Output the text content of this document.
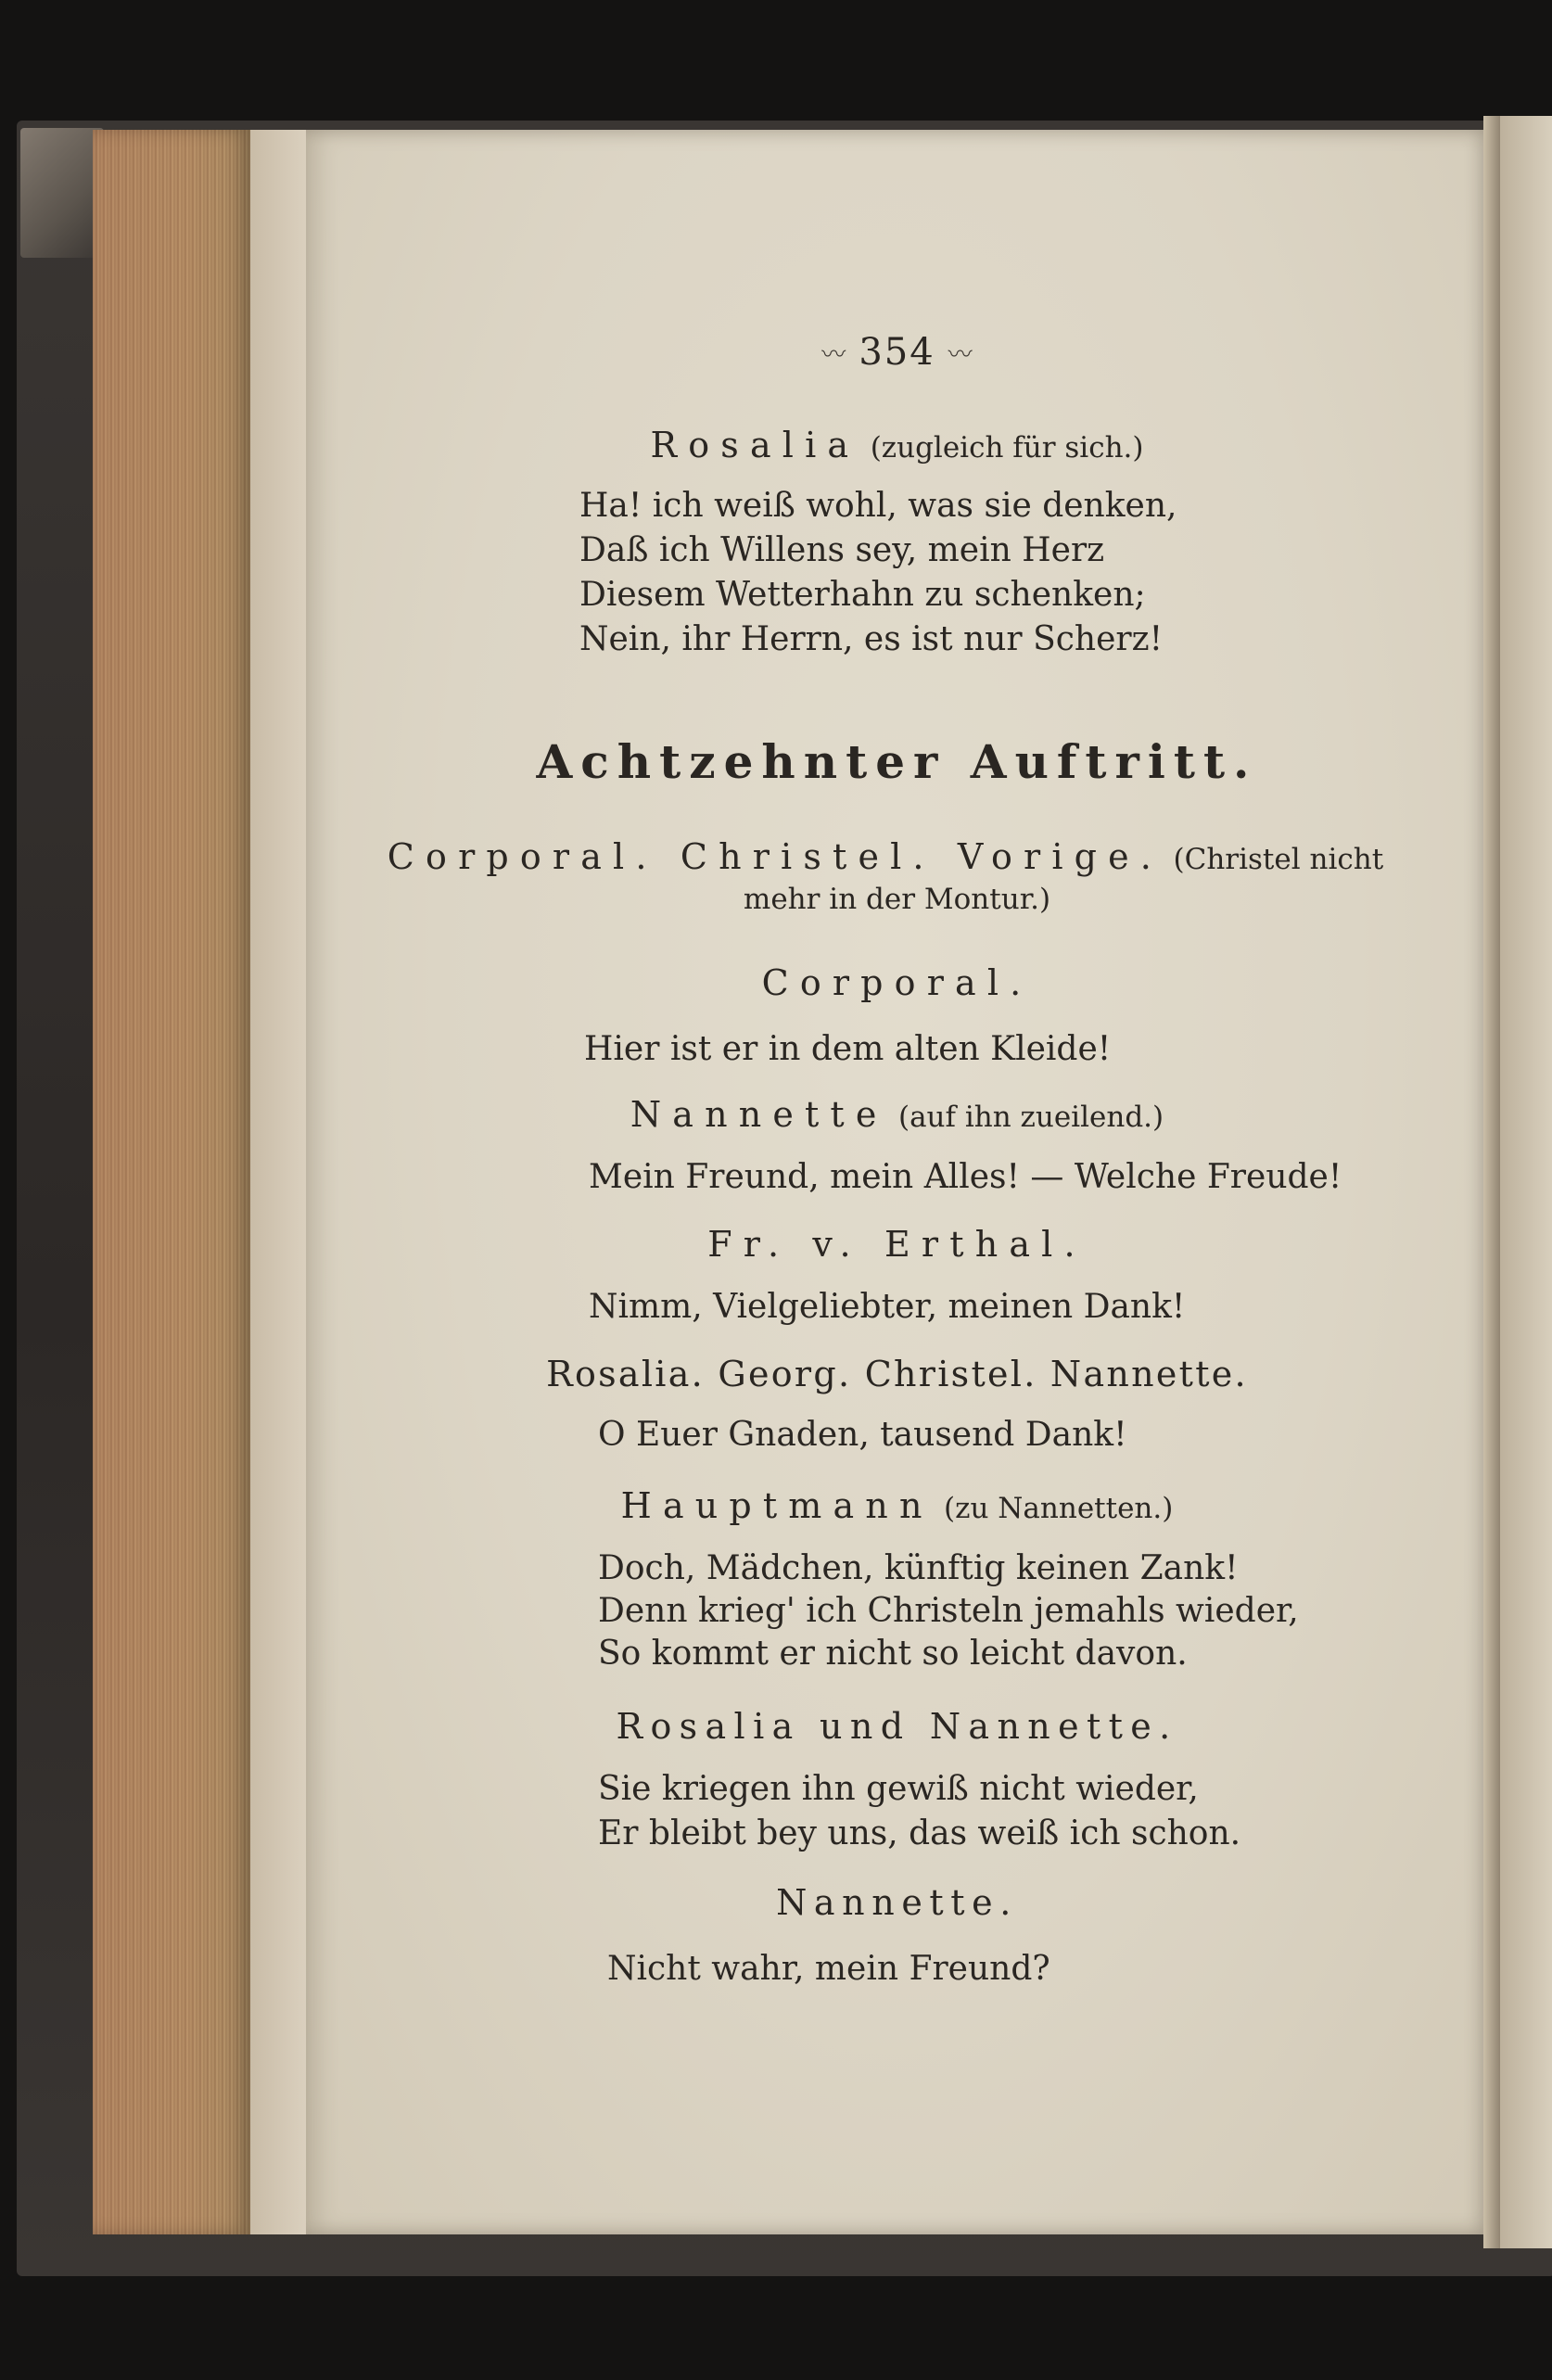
〰 354 〰
Rosalia (zugleich für sich.)
Ha! ich weiß wohl, was sie denken,
Daß ich Willens sey, mein Herz
Diesem Wetterhahn zu schenken;
Nein, ihr Herrn, es ist nur Scherz!
Achtzehnter Auftritt.
Corporal. Christel. Vorige. (Christel nicht
mehr in der Montur.)
Corporal.
Hier ist er in dem alten Kleide!
Nannette (auf ihn zueilend.)
Mein Freund, mein Alles! — Welche Freude!
Fr. v. Erthal.
Nimm, Vielgeliebter, meinen Dank!
Rosalia. Georg. Christel. Nannette.
O Euer Gnaden, tausend Dank!
Hauptmann (zu Nannetten.)
Doch, Mädchen, künftig keinen Zank!
Denn krieg' ich Christeln jemahls wieder,
So kommt er nicht so leicht davon.
Rosalia und Nannette.
Sie kriegen ihn gewiß nicht wieder,
Er bleibt bey uns, das weiß ich schon.
Nannette.
Nicht wahr, mein Freund?
